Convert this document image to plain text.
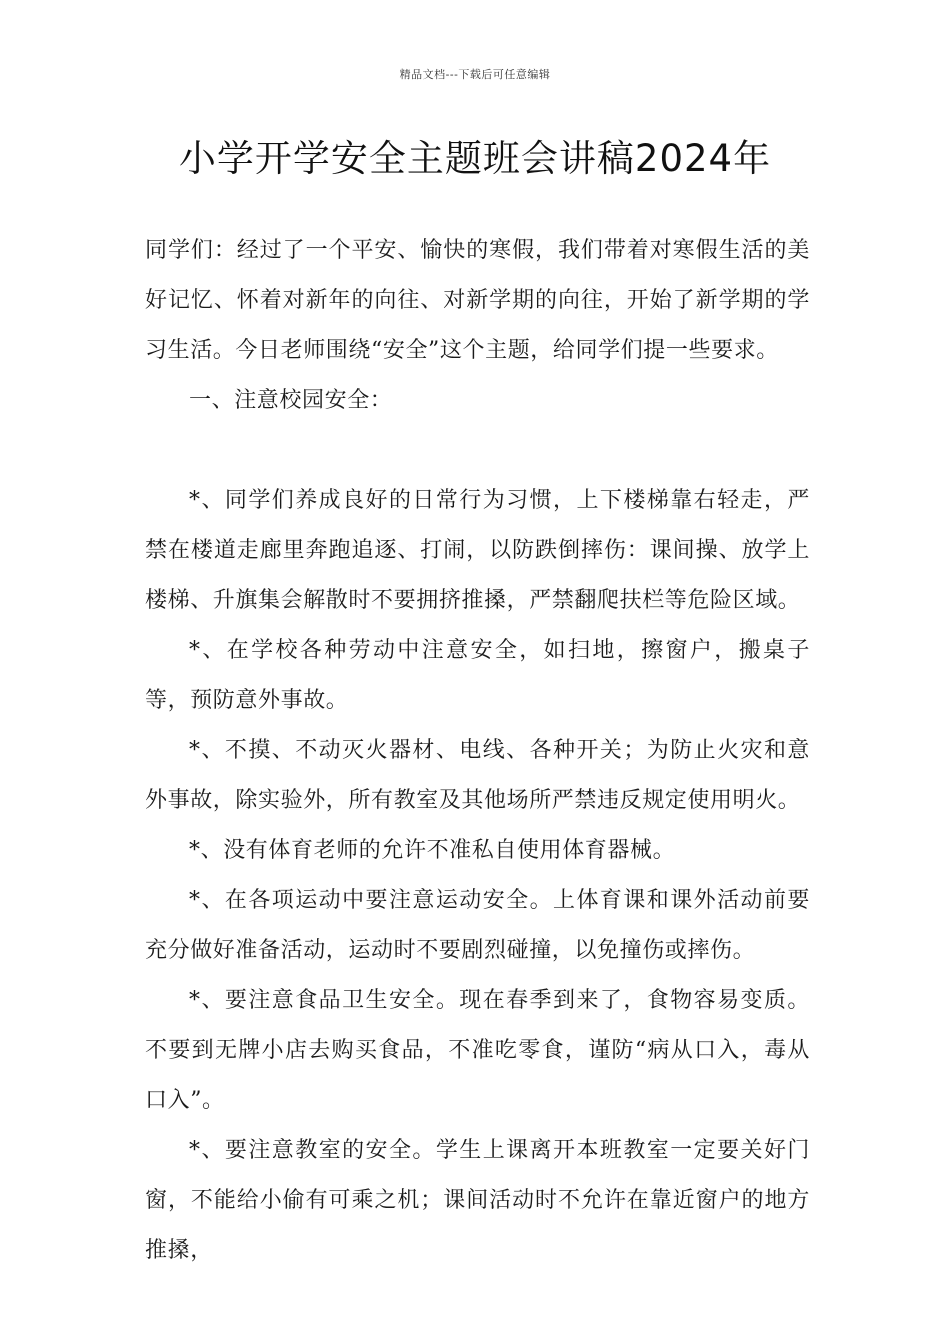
精品文档---下载后可任意编辑
小学开学安全主题班会讲稿2024年

同学们：经过了一个平安、愉快的寒假，我们带着对寒假生活的美好记忆、怀着对新年的向往、对新学期的向往，开始了新学期的学习生活。今日老师围绕“安全”这个主题，给同学们提一些要求。

一、注意校园安全：

*、同学们养成良好的日常行为习惯，上下楼梯靠右轻走，严禁在楼道走廊里奔跑追逐、打闹，以防跌倒摔伤：课间操、放学上楼梯、升旗集会解散时不要拥挤推搡，严禁翻爬扶栏等危险区域。

*、在学校各种劳动中注意安全，如扫地，擦窗户，搬桌子等，预防意外事故。

*、不摸、不动灭火器材、电线、各种开关；为防止火灾和意外事故，除实验外，所有教室及其他场所严禁违反规定使用明火。

*、没有体育老师的允许不准私自使用体育器械。

*、在各项运动中要注意运动安全。上体育课和课外活动前要充分做好准备活动，运动时不要剧烈碰撞，以免撞伤或摔伤。

*、要注意食品卫生安全。现在春季到来了，食物容易变质。不要到无牌小店去购买食品，不准吃零食，谨防“病从口入，毒从口入”。

*、要注意教室的安全。学生上课离开本班教室一定要关好门窗，不能给小偷有可乘之机；课间活动时不允许在靠近窗户的地方推搡，
